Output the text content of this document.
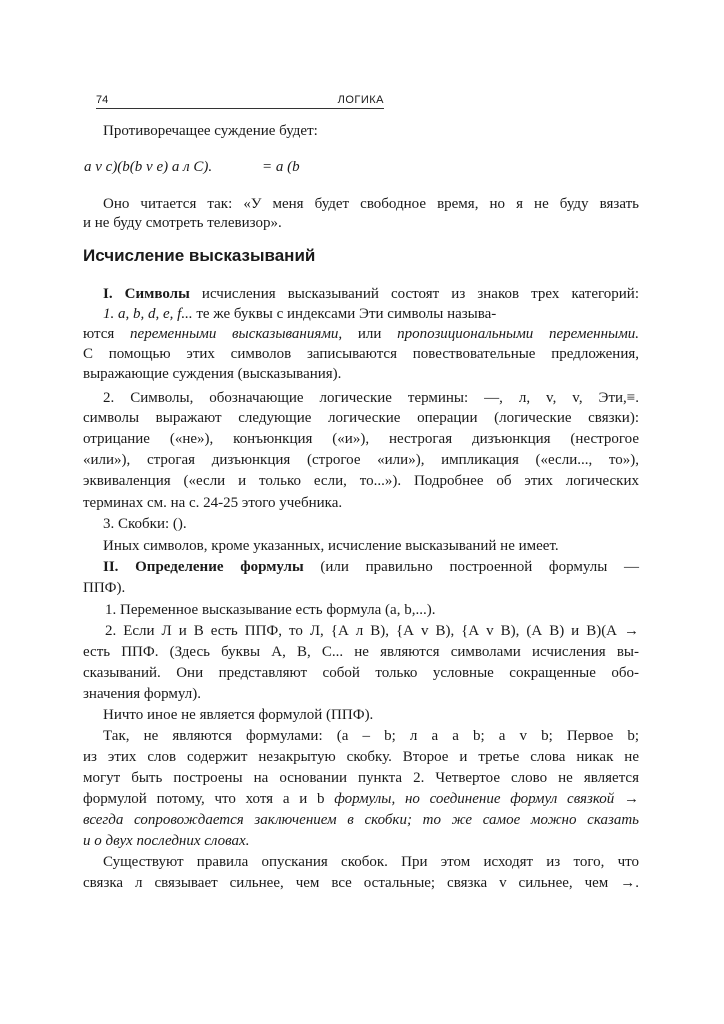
74	ЛОГИКА
Противоречащее суждение будет:
a v c)(b(b v e) a л C).	= a (b
Оно читается так: «У меня будет свободное время, но я не буду вязать
и не буду смотреть телевизор».
Исчисление высказываний
I. Символы исчисления высказываний состоят из знаков трех категорий:
1. a, b, d, e, f... те же буквы с индексами Эти символы называ-
ются переменными высказываниями, или пропозициональными переменными.
С помощью этих символов записываются повествовательные предложения,
выражающие суждения (высказывания).
2. Символы, обозначающие логические термины: —, л, v, v, Эти,≡.
символы выражают следующие логические операции (логические связки):
отрицание («не»), конъюнкция («и»), нестрогая дизъюнкция (нестрогое
«или»), строгая дизъюнкция (строгое «или»), импликация («если..., то»),
эквиваленция («если и только если, то...»). Подробнее об этих логических
терминах см. на с. 24-25 этого учебника.
3. Скобки: ().
Иных символов, кроме указанных, исчисление высказываний не имеет.
II. Определение формулы (или правильно построенной формулы —
ППФ).
1. Переменное высказывание есть формула (a, b,...).
2. Если Л и В есть ППФ, то Л, {А л В), {А v В), {А v В), (А В) и В)(А →
есть ППФ. (Здесь буквы А, В, С... не являются символами исчисления вы-
сказываний. Они представляют собой только условные сокращенные обо-
значения формул).
Ничто иное не является формулой (ППФ).
Так, не являются формулами: (a – b; л a a b; a v b; Первое b;
из этих слов содержит незакрытую скобку. Второе и третье слова никак не
могут быть построены на основании пункта 2. Четвертое слово не является
формулой потому, что хотя a и b формулы, но соединение формул связкой →
всегда сопровождается заключением в скобки; то же самое можно сказать
и о двух последних словах.
Существуют правила опускания скобок. При этом исходят из того, что
связка л связывает сильнее, чем все остальные; связка v сильнее, чем →.
